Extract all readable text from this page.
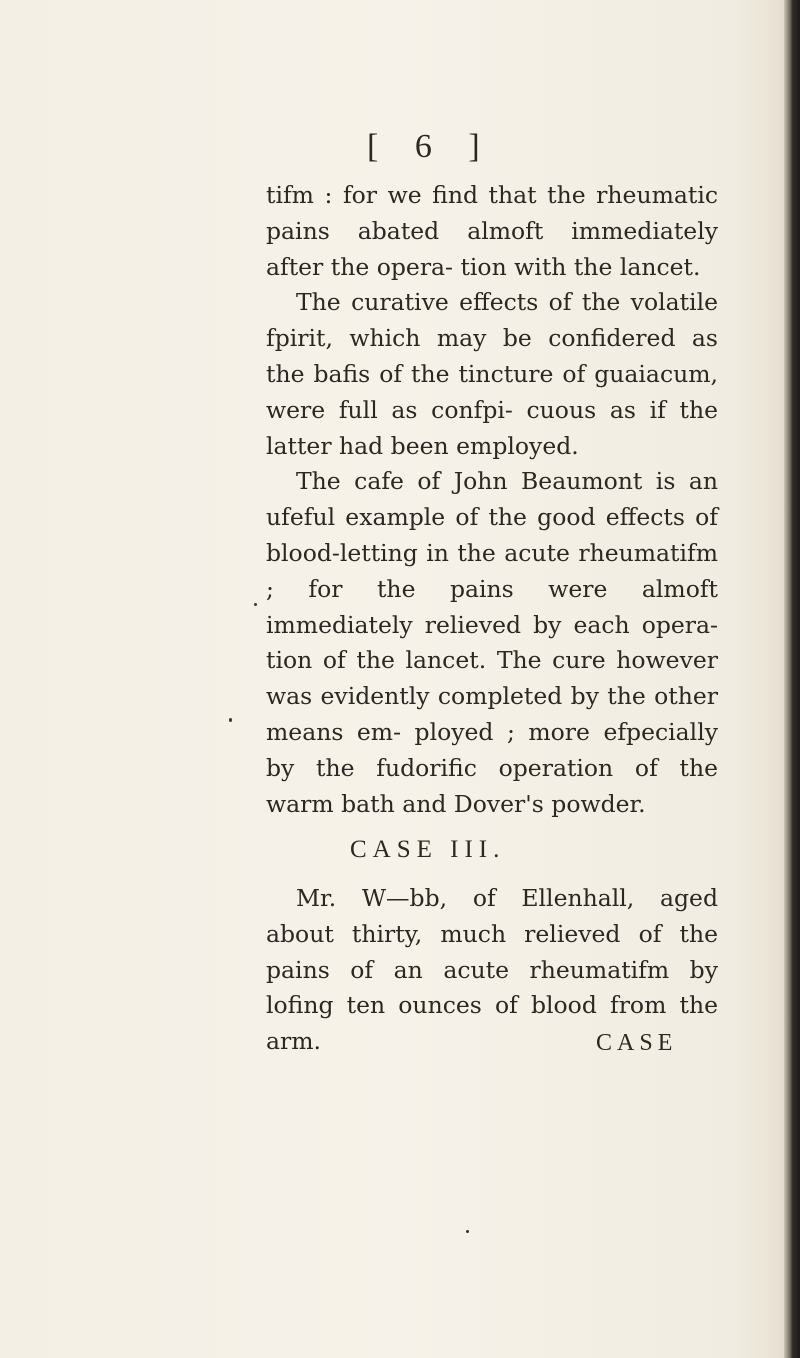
[ 6 ]

tifm : for we find that the rheumatic pains abated almoft immediately after the opera- tion with the lancet.

The curative effects of the volatile fpirit, which may be confidered as the bafis of the tincture of guaiacum, were full as confpi- cuous as if the latter had been employed.

The cafe of John Beaumont is an ufeful example of the good effects of blood-letting in the acute rheumatifm ; for the pains were almoft immediately relieved by each opera- tion of the lancet. The cure however was evidently completed by the other means em- ployed ; more efpecially by the fudorific operation of the warm bath and Dover's powder.

CASE III.

Mr. W—bb, of Ellenhall, aged about thirty, much relieved of the pains of an acute rheumatifm by lofing ten ounces of blood from the arm.	CASE
